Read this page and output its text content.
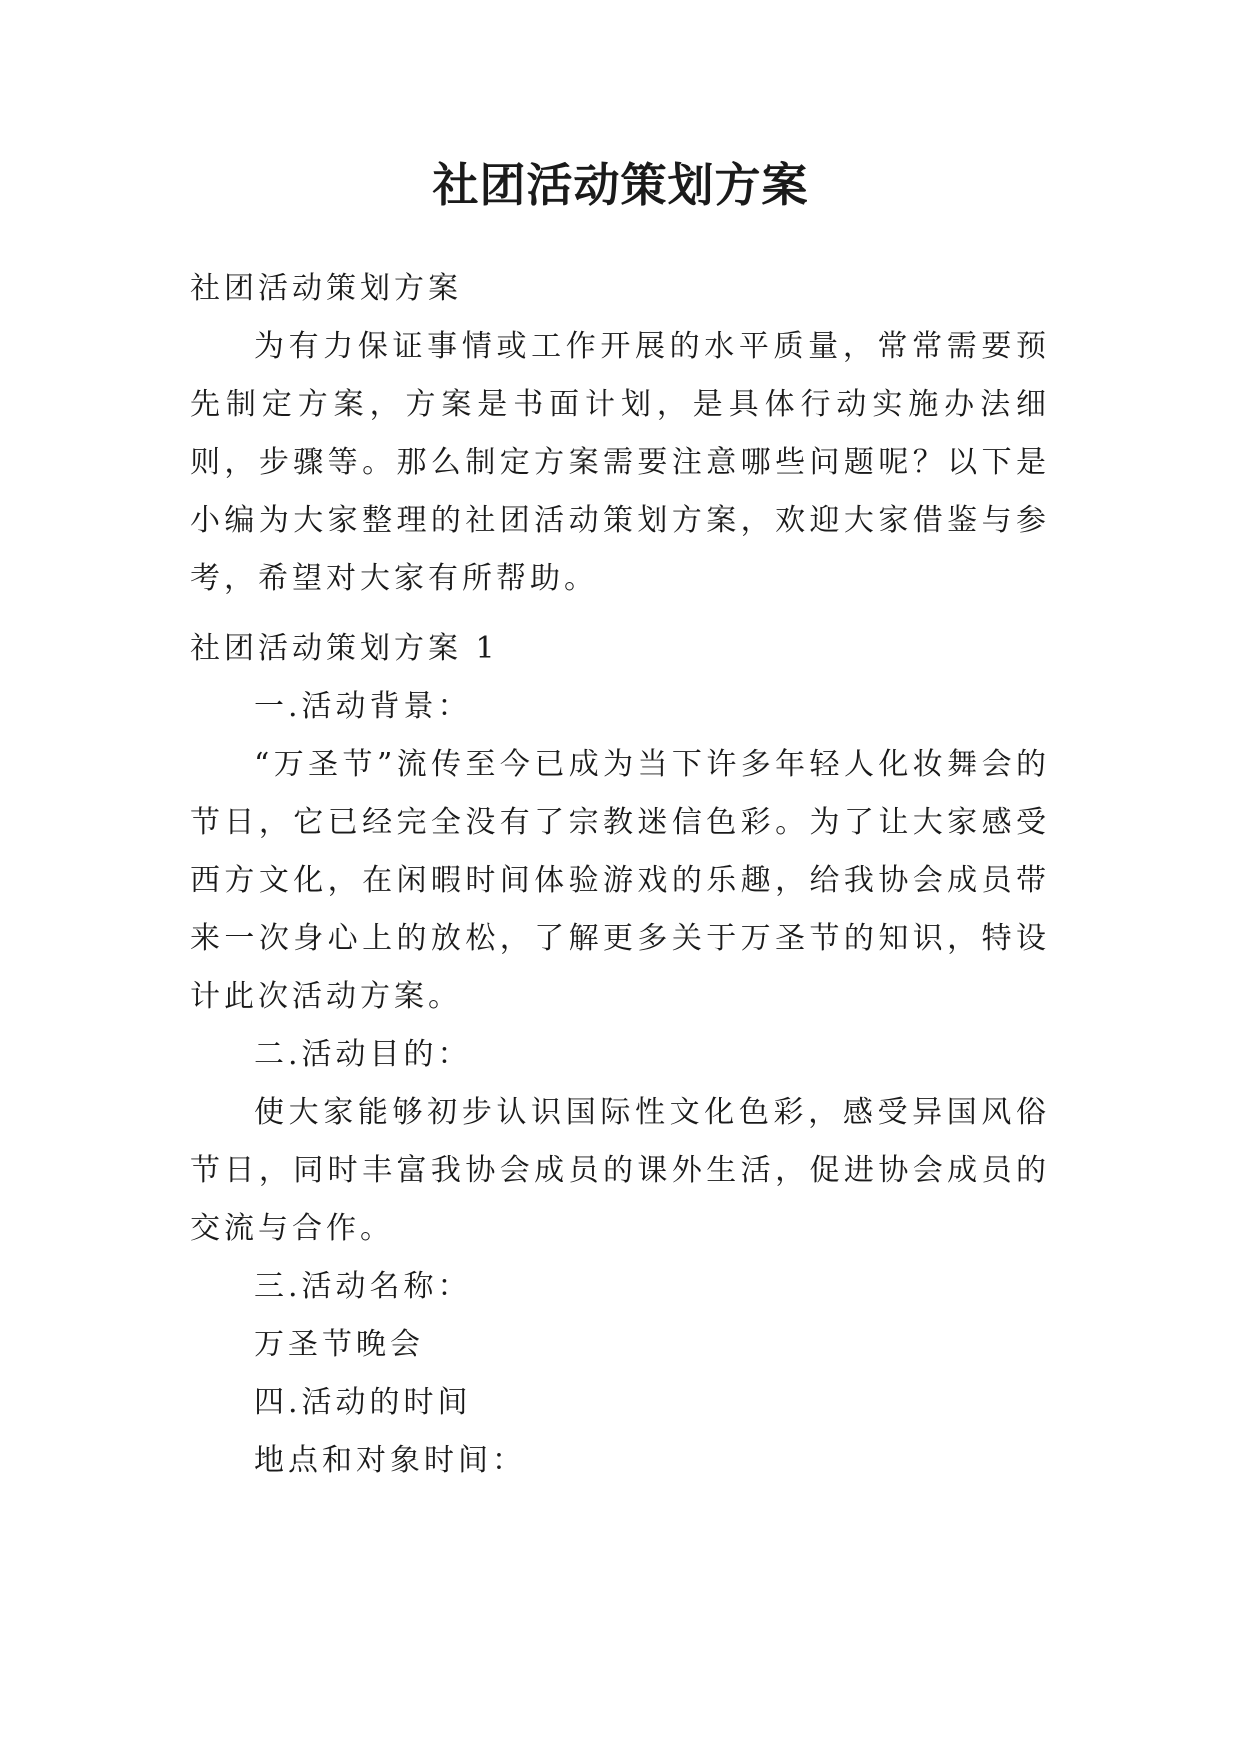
社团活动策划方案

社团活动策划方案

为有力保证事情或工作开展的水平质量，常常需要预先制定方案，方案是书面计划，是具体行动实施办法细则，步骤等。那么制定方案需要注意哪些问题呢？以下是小编为大家整理的社团活动策划方案，欢迎大家借鉴与参考，希望对大家有所帮助。

社团活动策划方案 1

一.活动背景：

“万圣节”流传至今已成为当下许多年轻人化妆舞会的节日，它已经完全没有了宗教迷信色彩。为了让大家感受西方文化，在闲暇时间体验游戏的乐趣，给我协会成员带来一次身心上的放松，了解更多关于万圣节的知识，特设计此次活动方案。

二.活动目的：

使大家能够初步认识国际性文化色彩，感受异国风俗节日，同时丰富我协会成员的课外生活，促进协会成员的交流与合作。

三.活动名称：

万圣节晚会

四.活动的时间

地点和对象时间：
